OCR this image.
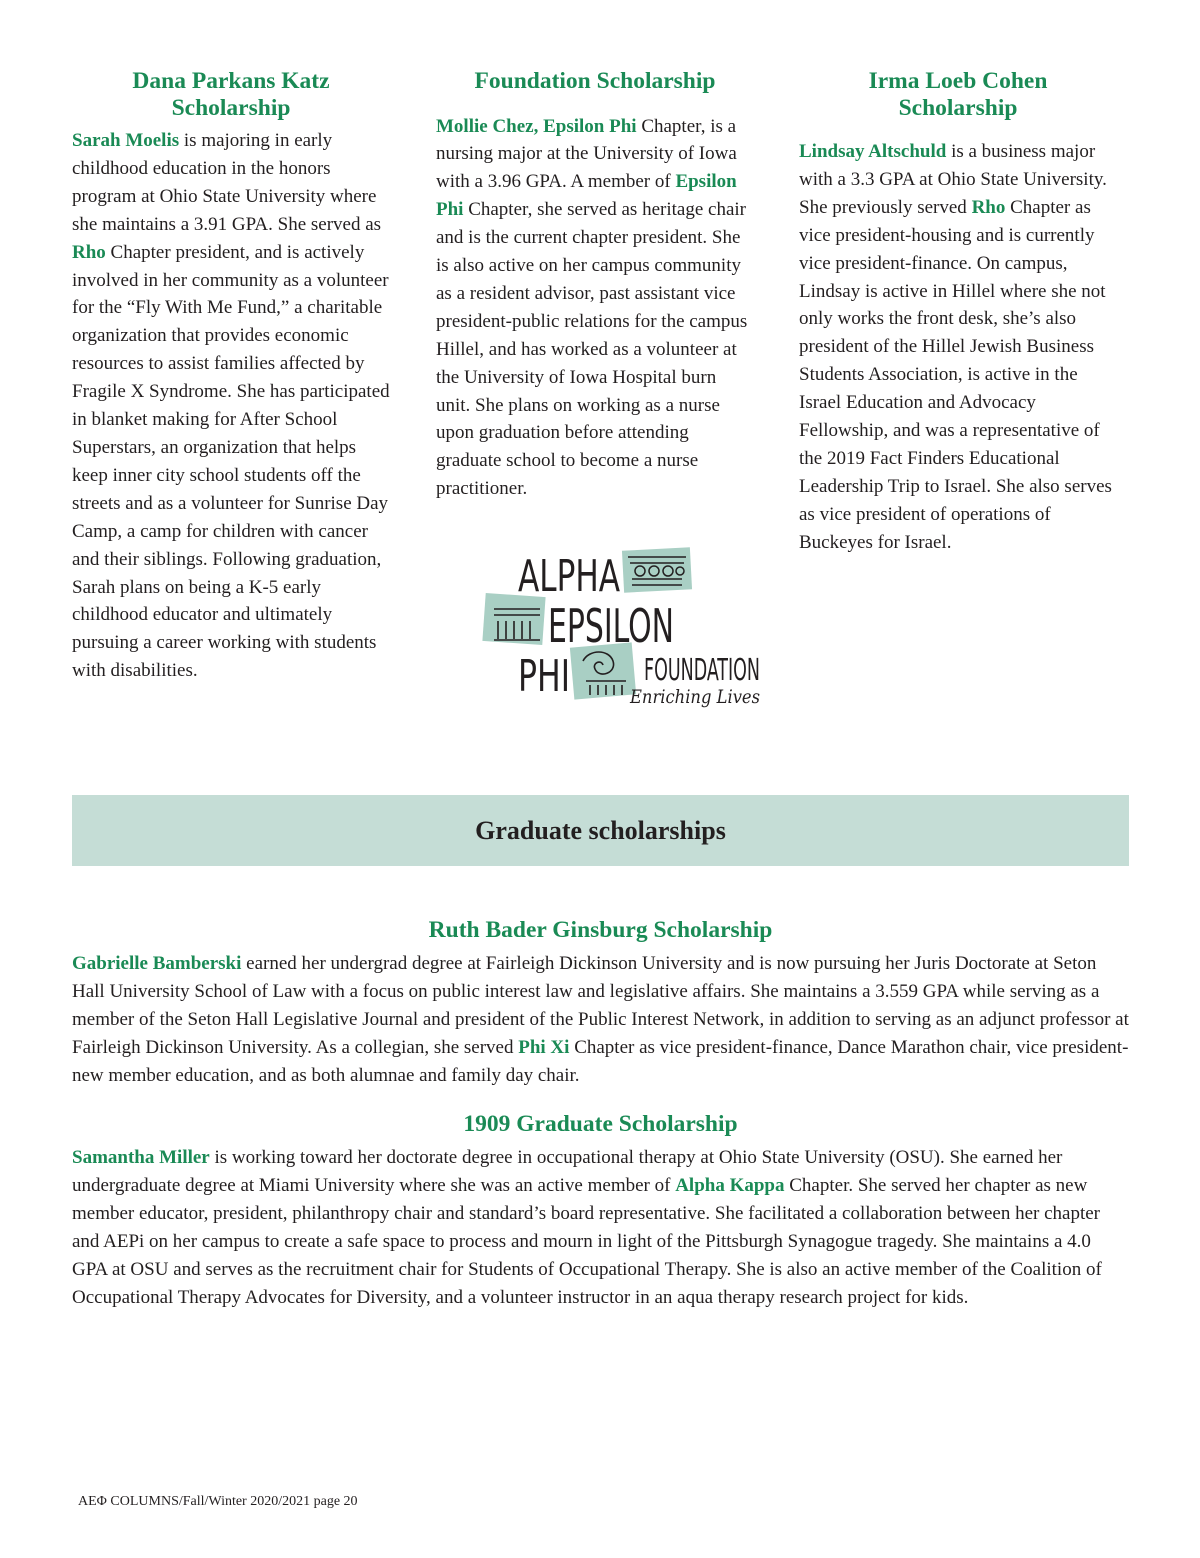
Dana Parkans Katz
Scholarship

Sarah Moelis is majoring in early childhood education in the honors program at Ohio State University where she maintains a 3.91 GPA. She served as Rho Chapter president, and is actively involved in her community as a volunteer for the “Fly With Me Fund,” a charitable organization that provides economic resources to assist families affected by Fragile X Syndrome. She has participated in blanket making for After School Superstars, an organization that helps keep inner city school students off the streets and as a volunteer for Sunrise Day Camp, a camp for children with cancer and their siblings. Following graduation, Sarah plans on being a K-5 early childhood educator and ultimately pursuing a career working with students with disabilities.

Foundation Scholarship

Mollie Chez, Epsilon Phi Chapter, is a nursing major at the University of Iowa with a 3.96 GPA. A member of Epsilon Phi Chapter, she served as heritage chair and is the current chapter president. She is also active on her campus community as a resident advisor, past assistant vice president-public relations for the campus Hillel, and has worked as a volunteer at the University of Iowa Hospital burn unit. She plans on working as a nurse upon graduation before attending graduate school to become a nurse practitioner.

Irma Loeb Cohen
Scholarship

Lindsay Altschuld is a business major with a 3.3 GPA at Ohio State University. She previously served Rho Chapter as vice president-housing and is currently vice president-finance. On campus, Lindsay is active in Hillel where she not only works the front desk, she’s also president of the Hillel Jewish Business Students Association, is active in the Israel Education and Advocacy Fellowship, and was a representative of the 2019 Fact Finders Educational Leadership Trip to Israel. She also serves as vice president of operations of Buckeyes for Israel.

ALPHA
EPSILON
PHI FOUNDATION
Enriching Lives
Graduate scholarships
Ruth Bader Ginsburg Scholarship

Gabrielle Bamberski earned her undergrad degree at Fairleigh Dickinson University and is now pursuing her Juris Doctorate at Seton Hall University School of Law with a focus on public interest law and legislative affairs. She maintains a 3.559 GPA while serving as a member of the Seton Hall Legislative Journal and president of the Public Interest Network, in addition to serving as an adjunct professor at Fairleigh Dickinson University. As a collegian, she served Phi Xi Chapter as vice president-finance, Dance Marathon chair, vice president-new member education, and as both alumnae and family day chair.

1909 Graduate Scholarship

Samantha Miller is working toward her doctorate degree in occupational therapy at Ohio State University (OSU). She earned her undergraduate degree at Miami University where she was an active member of Alpha Kappa Chapter. She served her chapter as new member educator, president, philanthropy chair and standard’s board representative. She facilitated a collaboration between her chapter and AEPi on her campus to create a safe space to process and mourn in light of the Pittsburgh Synagogue tragedy. She maintains a 4.0 GPA at OSU and serves as the recruitment chair for Students of Occupational Therapy. She is also an active member of the Coalition of Occupational Therapy Advocates for Diversity, and a volunteer instructor in an aqua therapy research project for kids.

AEΦ COLUMNS/Fall/Winter 2020/2021 page 20
